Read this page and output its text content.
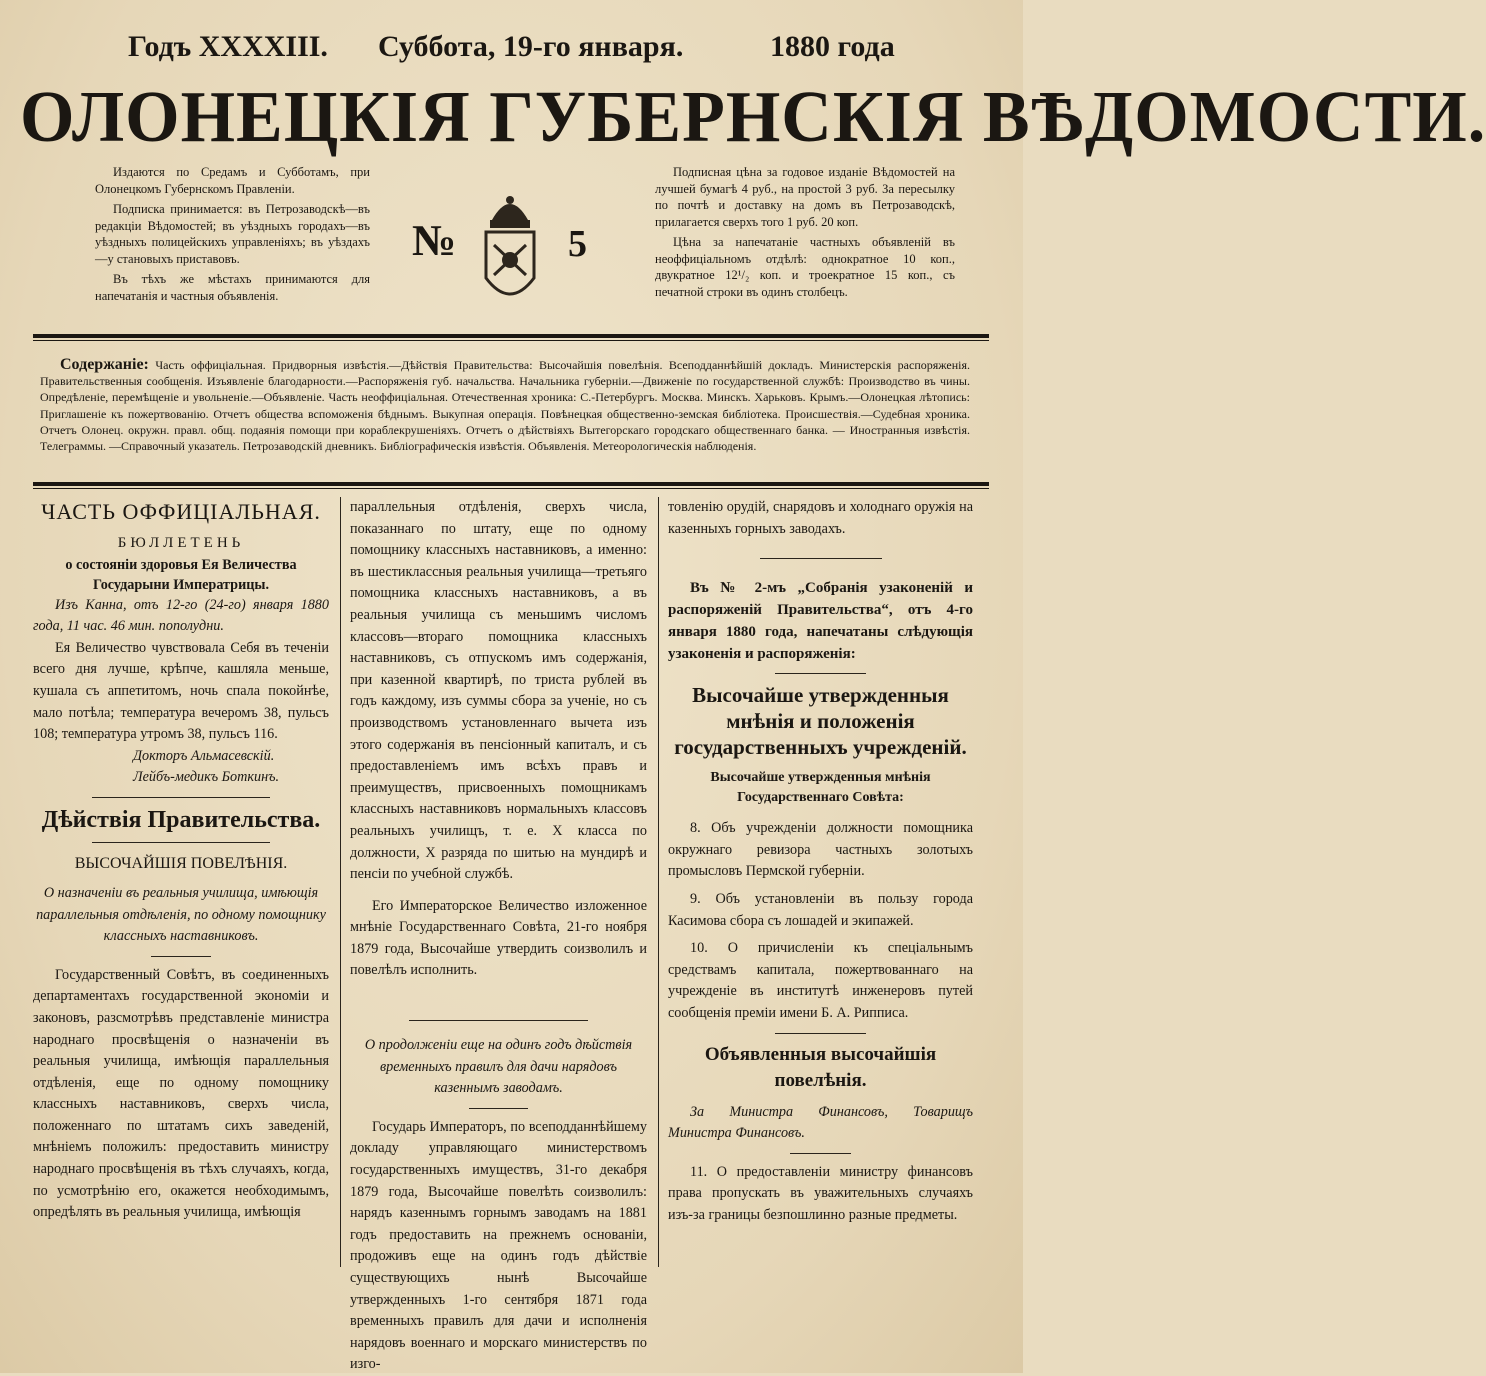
Годъ XXXXIII. Суббота, 19-го января.	1880 года
ОЛОНЕЦКІЯ ГУБЕРНСКІЯ ВѢДОМОСТИ.

Издаются по Средамъ и Субботамъ, при Олонецкомъ Губернскомъ Правленіи.

Подписка принимается: въ Петрозаводскѣ—въ редакціи Вѣдомостей; въ уѣздныхъ городахъ—въ уѣздныхъ полицейскихъ управленіяхъ; въ уѣздахъ—у становыхъ приставовъ.

Въ тѣхъ же мѣстахъ принимаются для напечатанія и частныя объявленія.

№	5

Подписная цѣна за годовое изданіе Вѣдомостей на лучшей бумагѣ 4 руб., на простой 3 руб. За пересылку по почтѣ и доставку на домъ въ Петрозаводскѣ, прилагается сверхъ того 1 руб. 20 коп.

Цѣна за напечатаніе частныхъ объявленій въ неоффиціальномъ отдѣлѣ: однократное 10 коп., двукратное 12¹/₂ коп. и троекратное 15 коп., съ печатной строки въ одинъ столбецъ.

Содержаніе: Часть оффиціальная. Придворныя извѣстія.—Дѣйствія Правительства: Высочайшія повелѣнія. Всеподданнѣйшій докладъ. Министерскія распоряженія. Правительственныя сообщенія. Изъявленіе благодарности.—Распоряженія губ. начальства. Начальника губерніи.—Движеніе по государственной службѣ: Производство въ чины. Опредѣленіе, перемѣщеніе и увольненіе.—Объявленіе. Часть неоффиціальная. Отечественная хроника: С.-Петербургъ. Москва. Минскъ. Харьковъ. Крымъ.—Олонецкая лѣтопись: Приглашеніе къ пожертвованію. Отчетъ общества вспоможенія бѣднымъ. Выкупная операція. Повѣнецкая общественно-земская библіотека. Происшествія.—Судебная хроника. Отчетъ Олонец. окружн. правл. общ. подаянія помощи при кораблекрушеніяхъ. Отчетъ о дѣйствіяхъ Вытегорскаго городскаго общественнаго банка. — Иностранныя извѣстія. Телеграммы. —Справочный указатель. Петрозаводскій дневникъ. Библіографическія извѣстія. Объявленія. Метеорологическія наблюденія.
ЧАСТЬ ОФФИЦІАЛЬНАЯ.
БЮЛЛЕТЕНЬ

о состояніи здоровья Ея Величества Государыни Императрицы.

Изъ Канна, отъ 12-го (24-го) января 1880 года, 11 час. 46 мин. пополудни.

Ея Величество чувствовала Себя въ теченіи всего дня лучше, крѣпче, кашляла меньше, кушала съ аппетитомъ, ночь спала покойнѣе, мало потѣла; температура вечеромъ 38, пульсъ 108; температура утромъ 38, пульсъ 116.

Докторъ Альмасевскій.

Лейбъ-медикъ Боткинъ.

Дѣйствія Правительства.
ВЫСОЧАЙШІЯ ПОВЕЛѢНІЯ.

О назначеніи въ реальныя училища, имѣющія параллельныя отдѣленія, по одному помощнику классныхъ наставниковъ.

Государственный Совѣтъ, въ соединенныхъ департаментахъ государственной экономіи и законовъ, разсмотрѣвъ представленіе министра народнаго просвѣщенія о назначеніи въ реальныя училища, имѣющія параллельныя отдѣленія, еще по одному помощнику классныхъ наставниковъ, сверхъ числа, положеннаго по штатамъ сихъ заведеній, мнѣніемъ положилъ: предоставить министру народнаго просвѣщенія въ тѣхъ случаяхъ, когда, по усмотрѣнію его, окажется необходимымъ, опредѣлять въ реальныя училища, имѣющія

параллельныя отдѣленія, сверхъ числа, показаннаго по штату, еще по одному помощнику классныхъ наставниковъ, а именно: въ шестиклассныя реальныя училища—третьяго помощника классныхъ наставниковъ, а въ реальныя училища съ меньшимъ числомъ классовъ—втораго помощника классныхъ наставниковъ, съ отпускомъ имъ содержанія, при казенной квартирѣ, по триста рублей въ годъ каждому, изъ суммы сбора за ученіе, но съ производствомъ установленнаго вычета изъ этого содержанія въ пенсіонный капиталъ, и съ предоставленіемъ имъ всѣхъ правъ и преимуществъ, присвоенныхъ помощникамъ классныхъ наставниковъ нормальныхъ классовъ реальныхъ училищъ, т. е. Х класса по должности, Х разряда по шитью на мундирѣ и пенсіи по учебной службѣ.

Его Императорское Величество изложенное мнѣніе Государственнаго Совѣта, 21-го ноября 1879 года, Высочайше утвердить соизволилъ и повелѣлъ исполнить.

О продолженіи еще на одинъ годъ дѣйствія временныхъ правилъ для дачи нарядовъ казеннымъ заводамъ.

Государь Императоръ, по всеподданнѣйшему докладу управляющаго министерствомъ государственныхъ имуществъ, 31-го декабря 1879 года, Высочайше повелѣть соизволилъ: нарядъ казеннымъ горнымъ заводамъ на 1881 годъ предоставить на прежнемъ основаніи, продоживъ еще на одинъ годъ дѣйствіе существующихъ нынѣ Высочайше утвержденныхъ 1-го сентября 1871 года временныхъ правилъ для дачи и исполненія нарядовъ военнаго и морскаго министерствъ по изго-

товленію орудій, снарядовъ и холоднаго оружія на казенныхъ горныхъ заводахъ.

Въ № 2-мъ „Собранія узаконеній и распоряженій Правительства“, отъ 4-го января 1880 года, напечатаны слѣдующія узаконенія и распоряженія:

Высочайше утвержденныя мнѣнія и положенія государственныхъ учрежденій.

Высочайше утвержденныя мнѣнія Государственнаго Совѣта:

8. Объ учрежденіи должности помощника окружнаго ревизора частныхъ золотыхъ промысловъ Пермской губерніи.

9. Объ установленіи въ пользу города Касимова сбора съ лошадей и экипажей.

10. О причисленіи къ спеціальнымъ средствамъ капитала, пожертвованнаго на учрежденіе въ институтѣ инженеровъ путей сообщенія преміи имени Б. А. Рипписа.

Объявленныя высочайшія повелѣнія.

За Министра Финансовъ, Товарищъ Министра Финансовъ.

11. О предоставленіи министру финансовъ права пропускать въ уважительныхъ случаяхъ изъ-за границы безпошлинно разные предметы.
